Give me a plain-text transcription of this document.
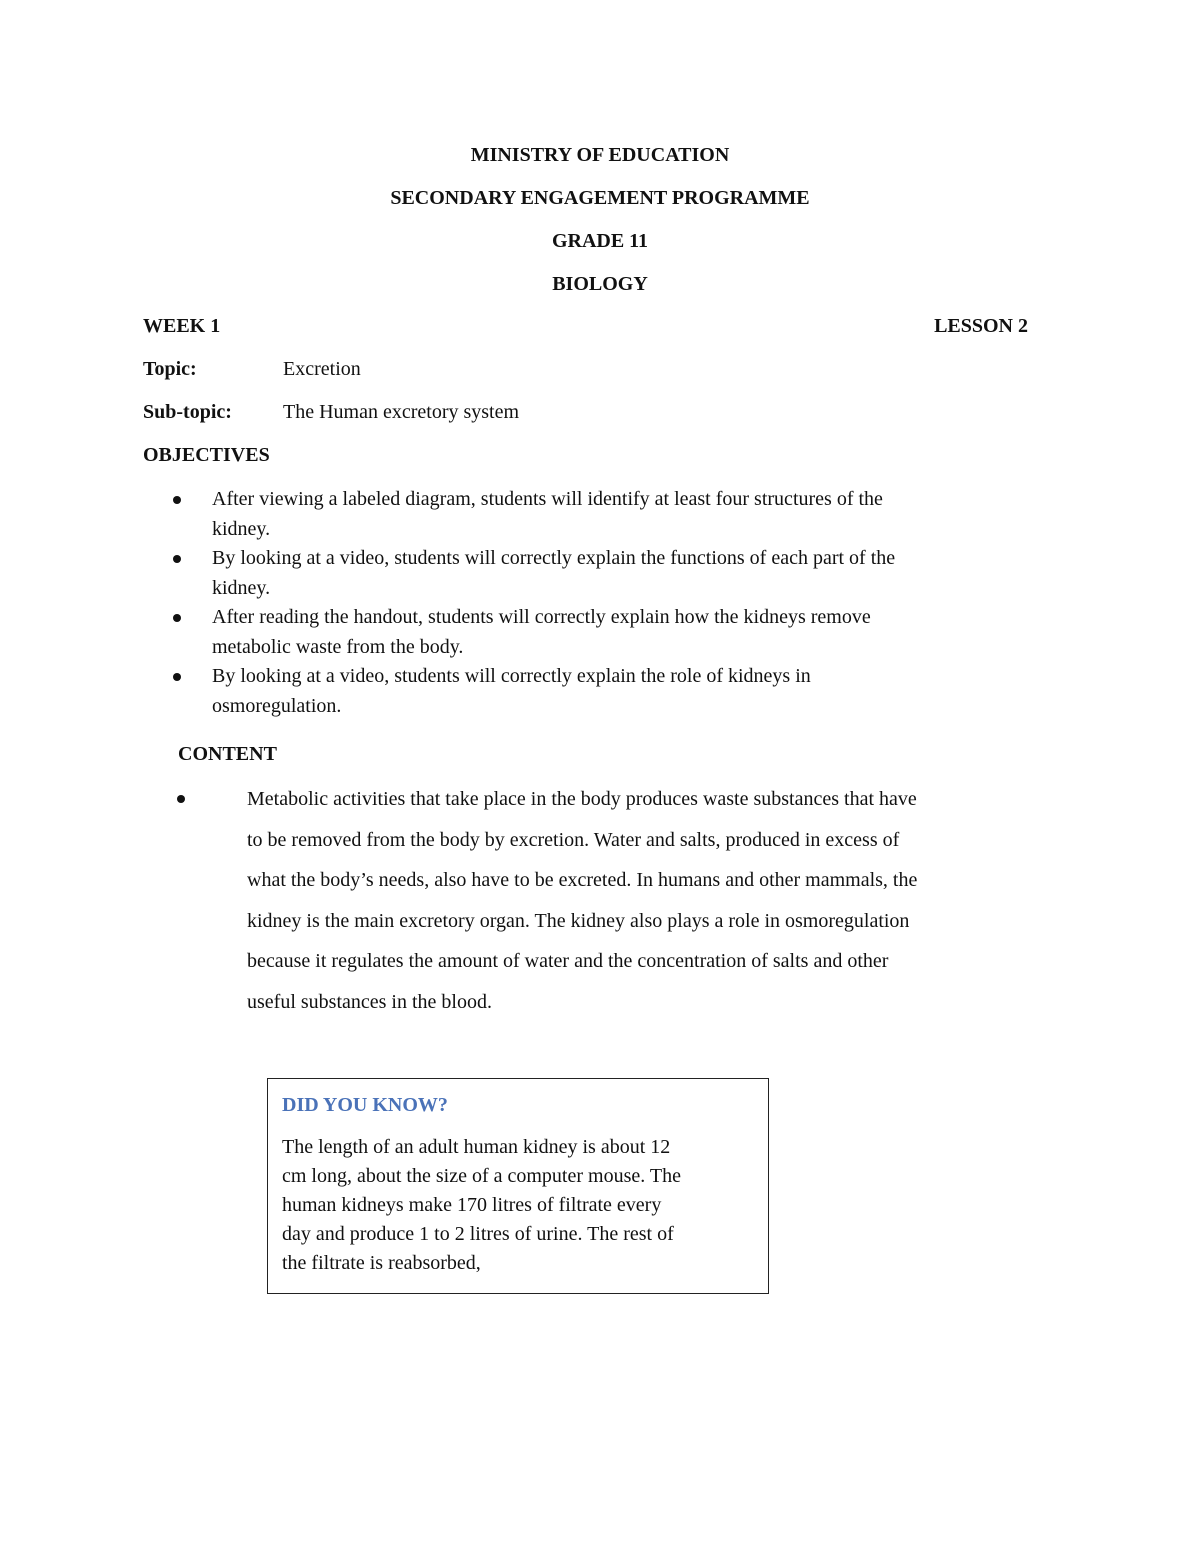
MINISTRY OF EDUCATION
SECONDARY ENGAGEMENT PROGRAMME
GRADE 11
BIOLOGY
WEEK 1	LESSON 2
Topic:	Excretion
Sub-topic:	The Human excretory system
OBJECTIVES
After viewing a labeled diagram, students will identify at least four structures of the
kidney.
By looking at a video, students will correctly explain the functions of each part of the
kidney.
After reading the handout, students will correctly explain how the kidneys remove
metabolic waste from the body.
By looking at a video, students will correctly explain the role of kidneys in
osmoregulation.
CONTENT
Metabolic activities that take place in the body produces waste substances that have
to be removed from the body by excretion. Water and salts, produced in excess of
what the body’s needs, also have to be excreted. In humans and other mammals, the
kidney is the main excretory organ. The kidney also plays a role in osmoregulation
because it regulates the amount of water and the concentration of salts and other
useful substances in the blood.
DID YOU KNOW?
The length of an adult human kidney is about 12
cm long, about the size of a computer mouse. The
human kidneys make 170 litres of filtrate every
day and produce 1 to 2 litres of urine. The rest of
the filtrate is reabsorbed,
